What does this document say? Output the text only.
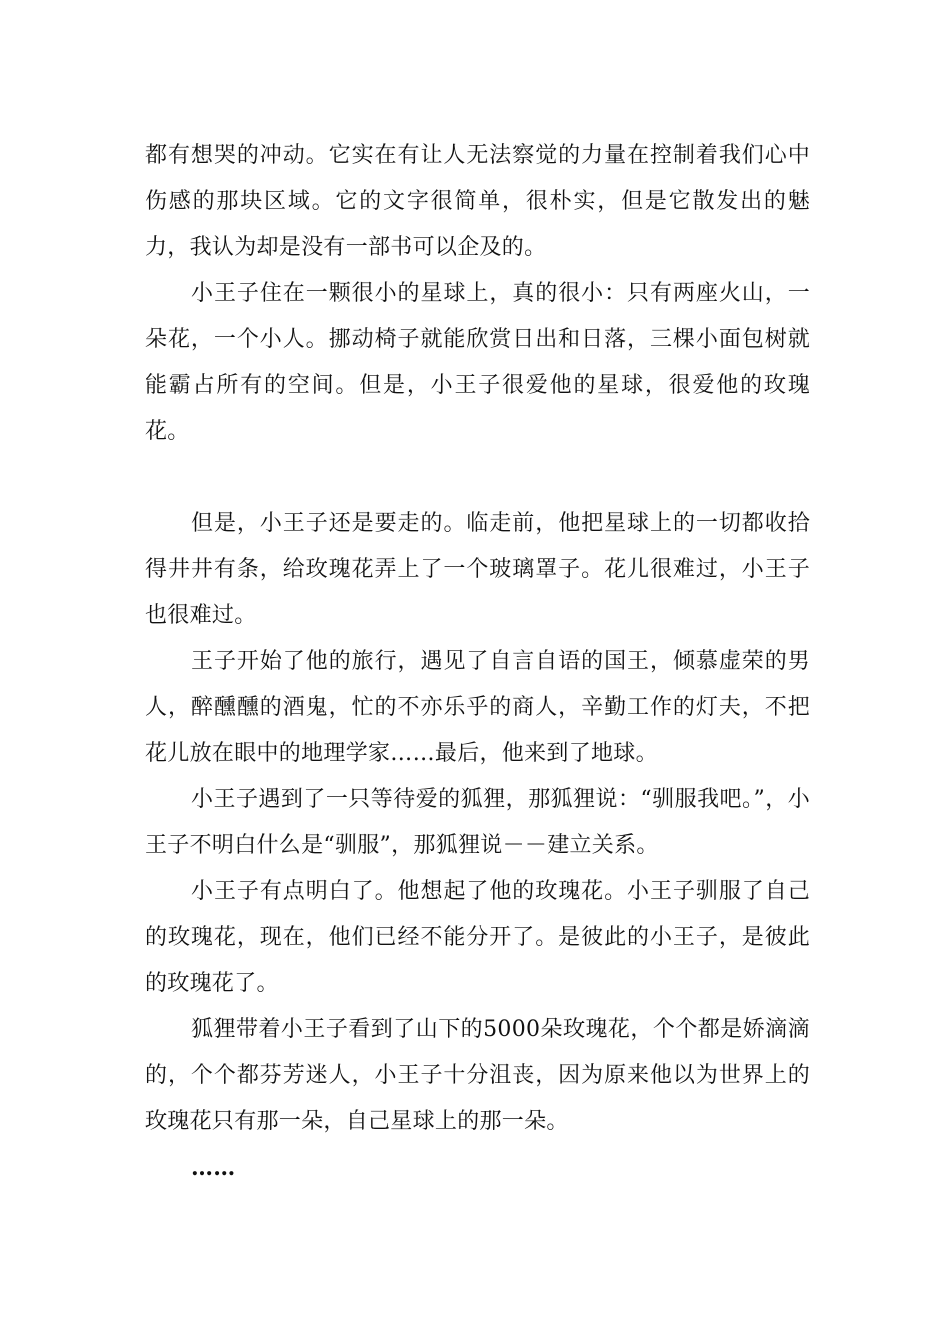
都有想哭的冲动。它实在有让人无法察觉的力量在控制着我们心中伤感的那块区域。它的文字很简单，很朴实，但是它散发出的魅力，我认为却是没有一部书可以企及的。

小王子住在一颗很小的星球上，真的很小：只有两座火山，一朵花，一个小人。挪动椅子就能欣赏日出和日落，三棵小面包树就能霸占所有的空间。但是，小王子很爱他的星球，很爱他的玫瑰花。

但是，小王子还是要走的。临走前，他把星球上的一切都收拾得井井有条，给玫瑰花弄上了一个玻璃罩子。花儿很难过，小王子也很难过。

王子开始了他的旅行，遇见了自言自语的国王，倾慕虚荣的男人，醉醺醺的酒鬼，忙的不亦乐乎的商人，辛勤工作的灯夫，不把花儿放在眼中的地理学家……最后，他来到了地球。

小王子遇到了一只等待爱的狐狸，那狐狸说：“驯服我吧。”，小王子不明白什么是“驯服”，那狐狸说－－建立关系。

小王子有点明白了。他想起了他的玫瑰花。小王子驯服了自己的玫瑰花，现在，他们已经不能分开了。是彼此的小王子，是彼此的玫瑰花了。

狐狸带着小王子看到了山下的5000朵玫瑰花，个个都是娇滴滴的，个个都芬芳迷人，小王子十分沮丧，因为原来他以为世界上的玫瑰花只有那一朵，自己星球上的那一朵。

……
